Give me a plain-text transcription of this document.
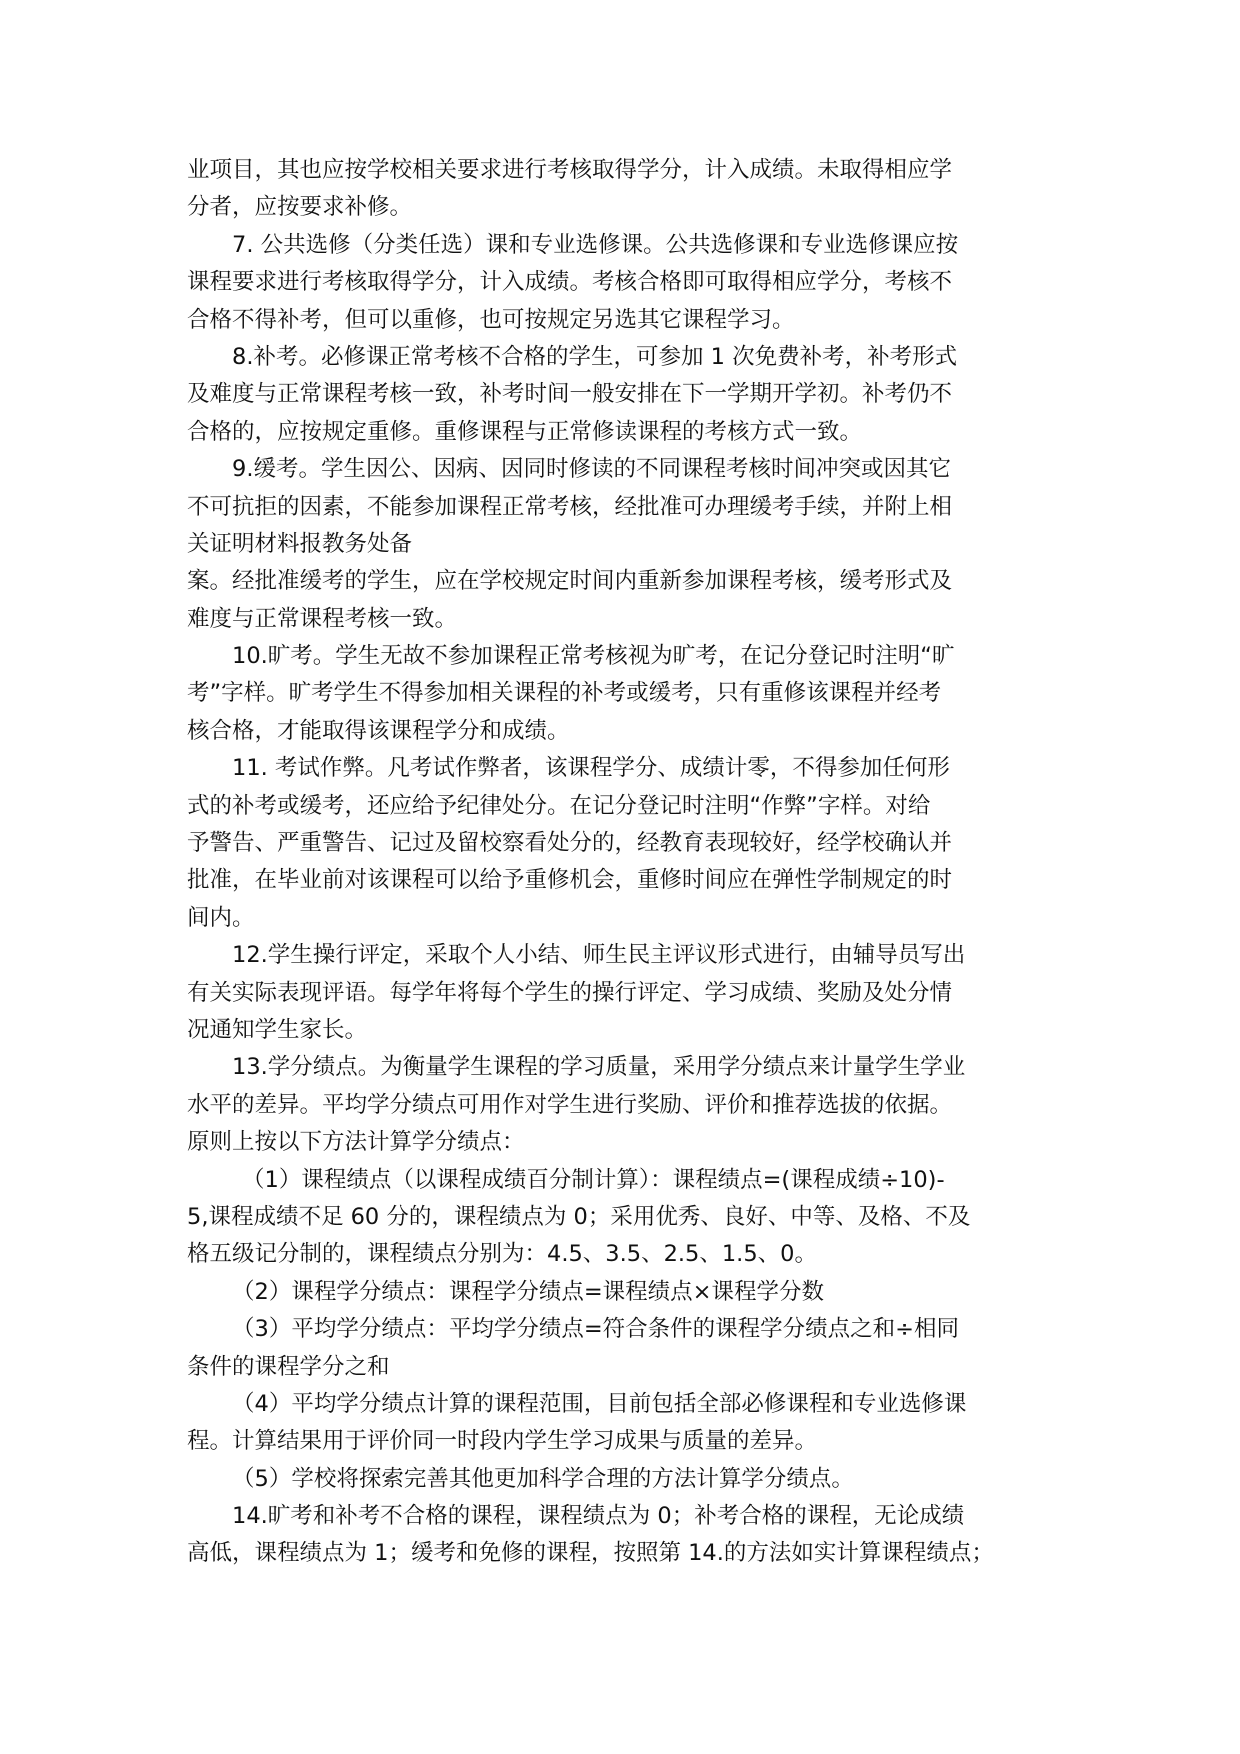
业项目，其也应按学校相关要求进行考核取得学分，计入成绩。未取得相应学
分者，应按要求补修。
7. 公共选修（分类任选）课和专业选修课。公共选修课和专业选修课应按
课程要求进行考核取得学分，计入成绩。考核合格即可取得相应学分，考核不
合格不得补考，但可以重修，也可按规定另选其它课程学习。
8.补考。必修课正常考核不合格的学生，可参加 1 次免费补考，补考形式
及难度与正常课程考核一致，补考时间一般安排在下一学期开学初。补考仍不
合格的，应按规定重修。重修课程与正常修读课程的考核方式一致。
9.缓考。学生因公、因病、因同时修读的不同课程考核时间冲突或因其它
不可抗拒的因素，不能参加课程正常考核，经批准可办理缓考手续，并附上相
关证明材料报教务处备
案。经批准缓考的学生，应在学校规定时间内重新参加课程考核，缓考形式及
难度与正常课程考核一致。
10.旷考。学生无故不参加课程正常考核视为旷考，在记分登记时注明“旷
考”字样。旷考学生不得参加相关课程的补考或缓考，只有重修该课程并经考
核合格，才能取得该课程学分和成绩。
11. 考试作弊。凡考试作弊者，该课程学分、成绩计零，不得参加任何形
式的补考或缓考，还应给予纪律处分。在记分登记时注明“作弊”字样。对给
予警告、严重警告、记过及留校察看处分的，经教育表现较好，经学校确认并
批准，在毕业前对该课程可以给予重修机会，重修时间应在弹性学制规定的时
间内。
12.学生操行评定，采取个人小结、师生民主评议形式进行，由辅导员写出
有关实际表现评语。每学年将每个学生的操行评定、学习成绩、奖励及处分情
况通知学生家长。
13.学分绩点。为衡量学生课程的学习质量，采用学分绩点来计量学生学业
水平的差异。平均学分绩点可用作对学生进行奖励、评价和推荐选拔的依据。
原则上按以下方法计算学分绩点：
（1）课程绩点（以课程成绩百分制计算）：课程绩点=(课程成绩÷10)-
5,课程成绩不足 60 分的，课程绩点为 0；采用优秀、良好、中等、及格、不及
格五级记分制的，课程绩点分别为：4.5、3.5、2.5、1.5、0。
（2）课程学分绩点：课程学分绩点=课程绩点×课程学分数
（3）平均学分绩点：平均学分绩点=符合条件的课程学分绩点之和÷相同
条件的课程学分之和
（4）平均学分绩点计算的课程范围，目前包括全部必修课程和专业选修课
程。计算结果用于评价同一时段内学生学习成果与质量的差异。
（5）学校将探索完善其他更加科学合理的方法计算学分绩点。
14.旷考和补考不合格的课程，课程绩点为 0；补考合格的课程，无论成绩
高低，课程绩点为 1；缓考和免修的课程，按照第 14.的方法如实计算课程绩点；
